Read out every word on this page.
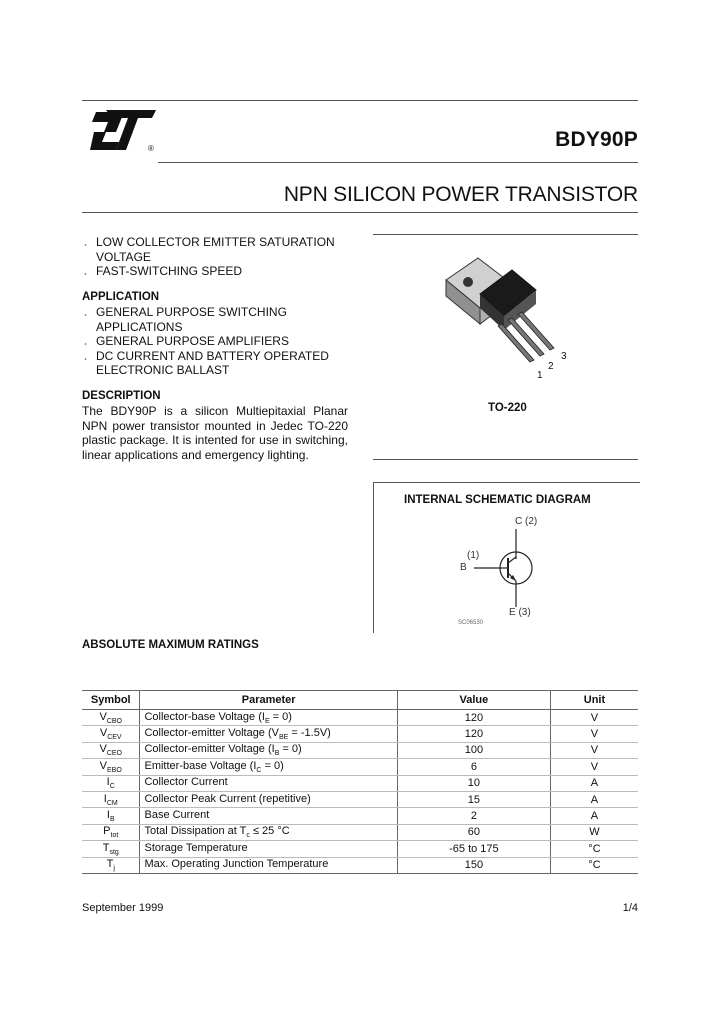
®	BDY90P
NPN SILICON POWER TRANSISTOR
¸ LOW COLLECTOR EMITTER SATURATION VOLTAGE
¸ FAST-SWITCHING SPEED
APPLICATION
¸ GENERAL PURPOSE SWITCHING APPLICATIONS
¸ GENERAL PURPOSE AMPLIFIERS
¸ DC CURRENT AND BATTERY OPERATED ELECTRONIC BALLAST
DESCRIPTION
The BDY90P is a silicon Multiepitaxial Planar NPN power transistor mounted in Jedec TO-220 plastic package. It is intented for use in switching, linear applications and emergency lighting.
1
2
3
TO-220
INTERNAL SCHEMATIC DIAGRAM
C (2)
(1)
B
E (3)
SC06530
ABSOLUTE MAXIMUM RATINGS
Symbol	Parameter	Value	Unit
$V_{CBO}$	Collector-base Voltage $(I_E = 0)$	120	V
$V_{CEV}$	Collector-emitter Voltage $(V_{BE} = -1.5V)$	120	V
$V_{CEO}$	Collector-emitter Voltage $(I_B = 0)$	100	V
$V_{EBO}$	Emitter-base Voltage $(I_C = 0)$	6	V
$I_C$	Collector Current	10	A
$I_{CM}$	Collector Peak Current (repetitive)	15	A
$I_B$	Base Current	2	A
$P_{tot}$	Total Dissipation at $T_c \le 25$ °C	60	W
$T_{stg}$	Storage Temperature	-65 to 175	°C
$T_j$	Max. Operating Junction Temperature	150	°C
September 1999	1/4
